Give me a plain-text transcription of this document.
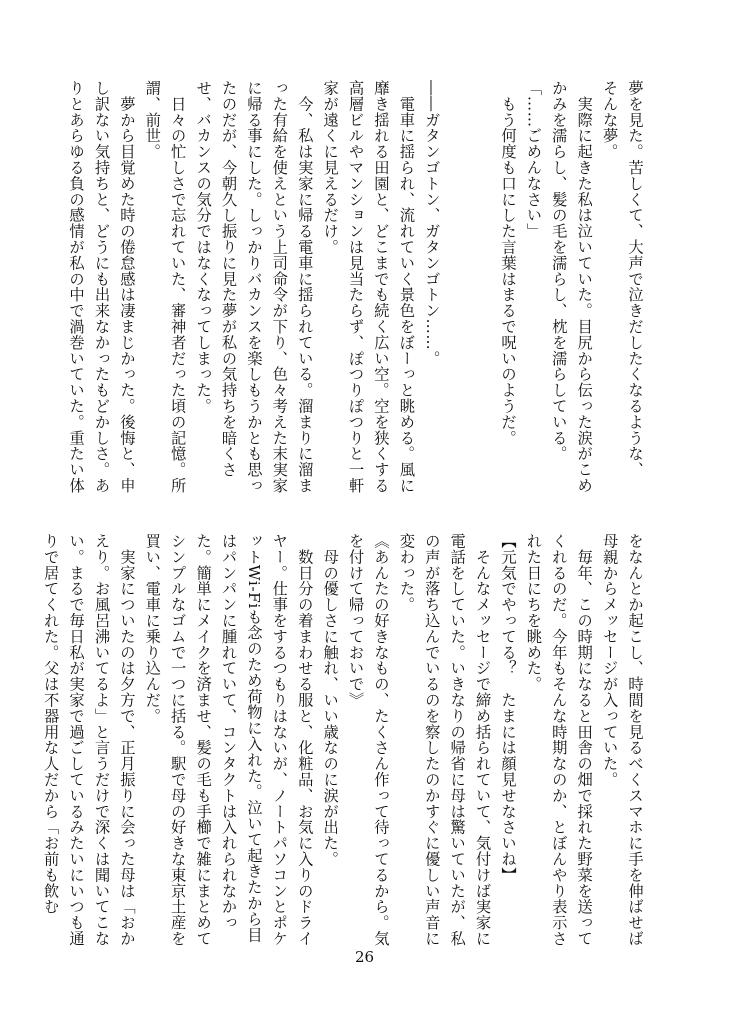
夢を見た。苦しくて、大声で泣きだしたくなるような、

そんな夢。

　実際に起きた私は泣いていた。目尻から伝った涙がこめ

かみを濡らし、髪の毛を濡らし、枕を濡らしている。

「……ごめんなさい」

　もう何度も口にした言葉はまるで呪いのようだ。

――ガタンゴトン、ガタンゴトン……。

　電車に揺られ、流れていく景色をぼーっと眺める。風に

靡き揺れる田園と、どこまでも続く広い空。空を狭くする

高層ビルやマンションは見当たらず、ぽつりぽつりと一軒

家が遠くに見えるだけ。

　今、私は実家に帰る電車に揺られている。溜まりに溜ま

った有給を使えという上司命令が下り、色々考えた末実家

に帰る事にした。しっかりバカンスを楽しもうかとも思っ

たのだが、今朝久し振りに見た夢が私の気持ちを暗くさ

せ、バカンスの気分ではなくなってしまった。

　日々の忙しさで忘れていた、審神者だった頃の記憶。所

謂、前世。

　夢から目覚めた時の倦怠感は凄まじかった。後悔と、申

し訳ない気持ちと、どうにも出来なかったもどかしさ。あ

りとあらゆる負の感情が私の中で渦巻いていた。重たい体

をなんとか起こし、時間を見るべくスマホに手を伸ばせば

母親からメッセージが入っていた。

　毎年、この時期になると田舎の畑で採れた野菜を送って

くれるのだ。今年もそんな時期なのか、とぼんやり表示さ

れた日にちを眺めた。

【元気でやってる？　たまには顔見せなさいね】

　そんなメッセージで締め括られていて、気付けば実家に

電話をしていた。いきなりの帰省に母は驚いていたが、私

の声が落ち込んでいるのを察したのかすぐに優しい声音に

変わった。

《あんたの好きなもの、たくさん作って待ってるから。気

を付けて帰っておいで》

　母の優しさに触れ、いい歳なのに涙が出た。

　数日分の着まわせる服と、化粧品、お気に入りのドライ

ヤー。仕事をするつもりはないが、ノートパソコンとポケ

ットWi-Fiも念のため荷物に入れた。泣いて起きたから目

はパンパンに腫れていて、コンタクトは入れられなかっ

た。簡単にメイクを済ませ、髪の毛も手櫛で雑にまとめて

シンプルなゴムで一つに括る。駅で母の好きな東京土産を

買い、電車に乗り込んだ。

　実家についたのは夕方で、正月振りに会った母は「おか

えり。お風呂沸いてるよ」と言うだけで深くは聞いてこな

い。まるで毎日私が実家で過ごしているみたいにいつも通

りで居てくれた。父は不器用な人だから「お前も飲む

26
